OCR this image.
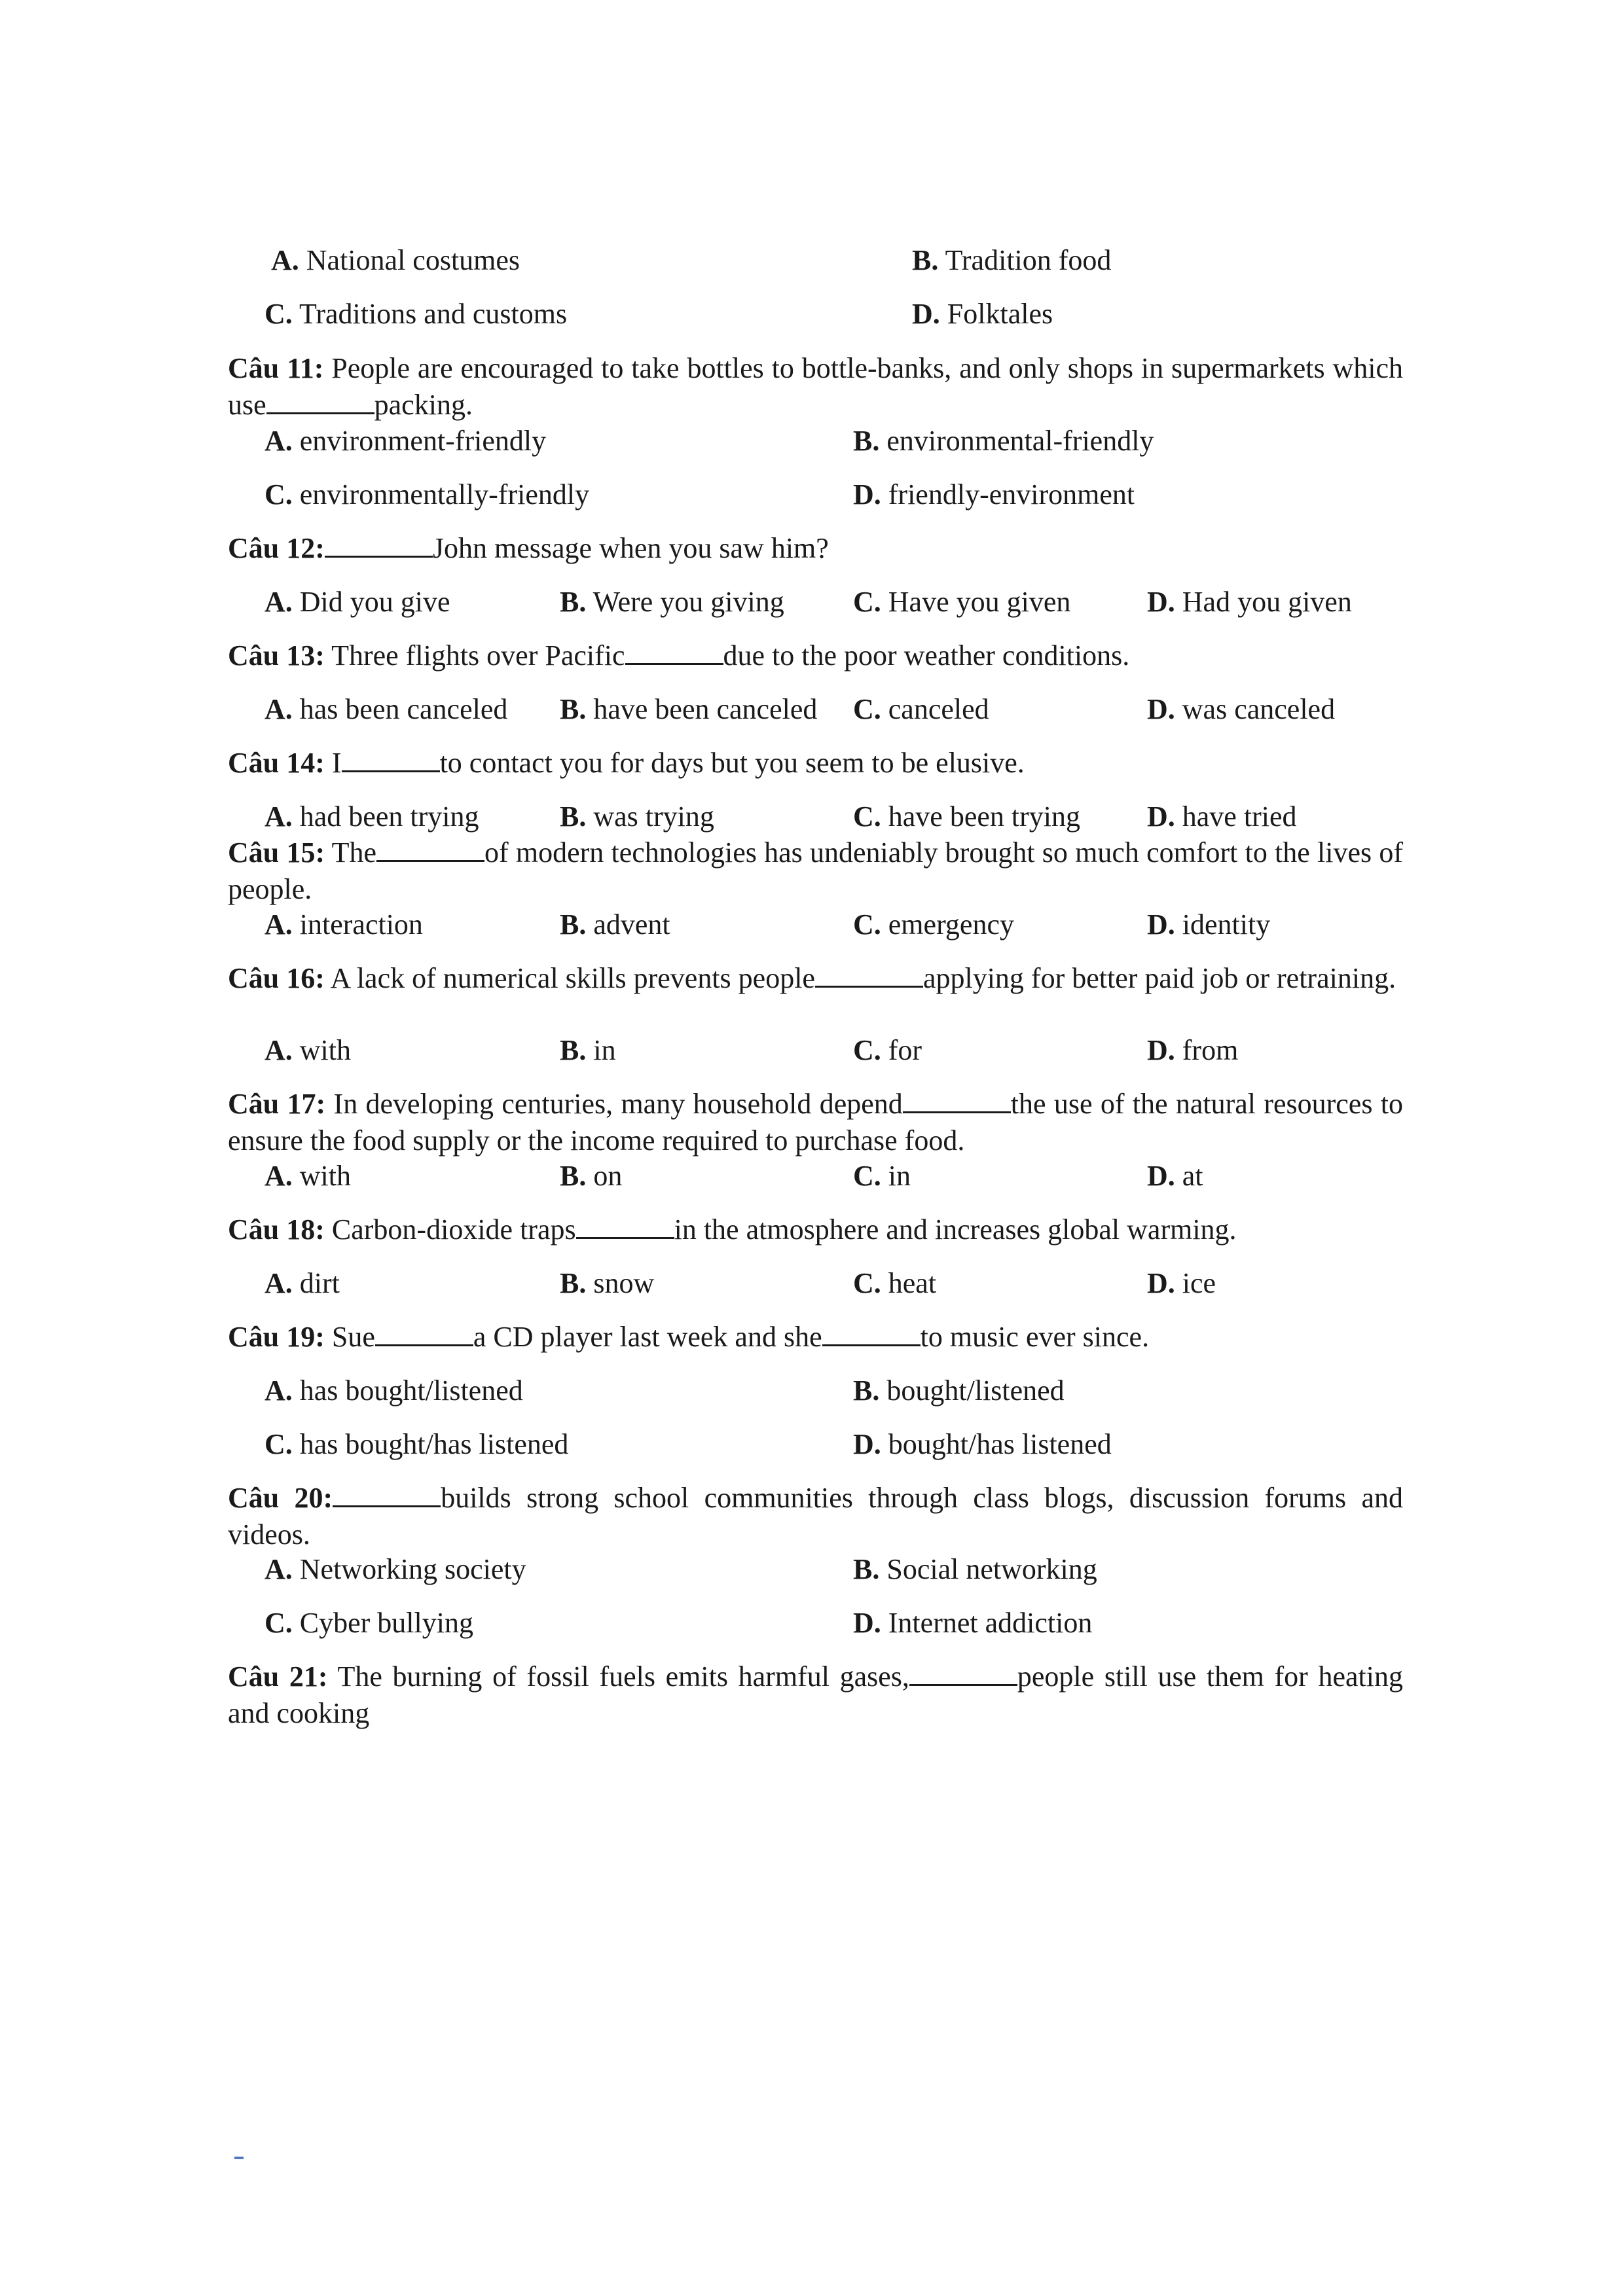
A. National costumes	B. Tradition food
C. Traditions and customs	D. Folktales
Câu 11: People are encouraged to take bottles to bottle-banks, and only shops in supermarkets which use	packing.
A. environment-friendly	B. environmental-friendly
C. environmentally-friendly	D. friendly-environment
Câu 12:	John message when you saw him?
A. Did you give	B. Were you giving C. Have you given	D. Had you given
Câu 13: Three flights over Pacific	due to the poor weather conditions.
A. has been canceled B. have been canceled C. canceled	D. was canceled
Câu 14: I	to contact you for days but you seem to be elusive.
A. had been trying	B. was trying	C. have been trying D. have tried
Câu 15: The	of modern technologies has undeniably brought so much comfort to the lives of people.
A. interaction	B. advent	C. emergency	D. identity
Câu 16: A lack of numerical skills prevents people	applying for better paid job or retraining.
A. with	B. in	C. for	D. from
Câu 17: In developing centuries, many household depend	the use of the natural resources to ensure the food supply or the income required to purchase food.
A. with	B. on	C. in	D. at
Câu 18: Carbon-dioxide traps	in the atmosphere and increases global warming.
A. dirt	B. snow	C. heat	D. ice
Câu 19: Sue	a CD player last week and she	to music ever since.
A. has bought/listened	B. bought/listened
C. has bought/has listened	D. bought/has listened
Câu 20:	builds strong school communities through class blogs, discussion forums and videos.
A. Networking society	B. Social networking
C. Cyber bullying	D. Internet addiction
Câu 21: The burning of fossil fuels emits harmful gases,	people still use them for heating and cooking
